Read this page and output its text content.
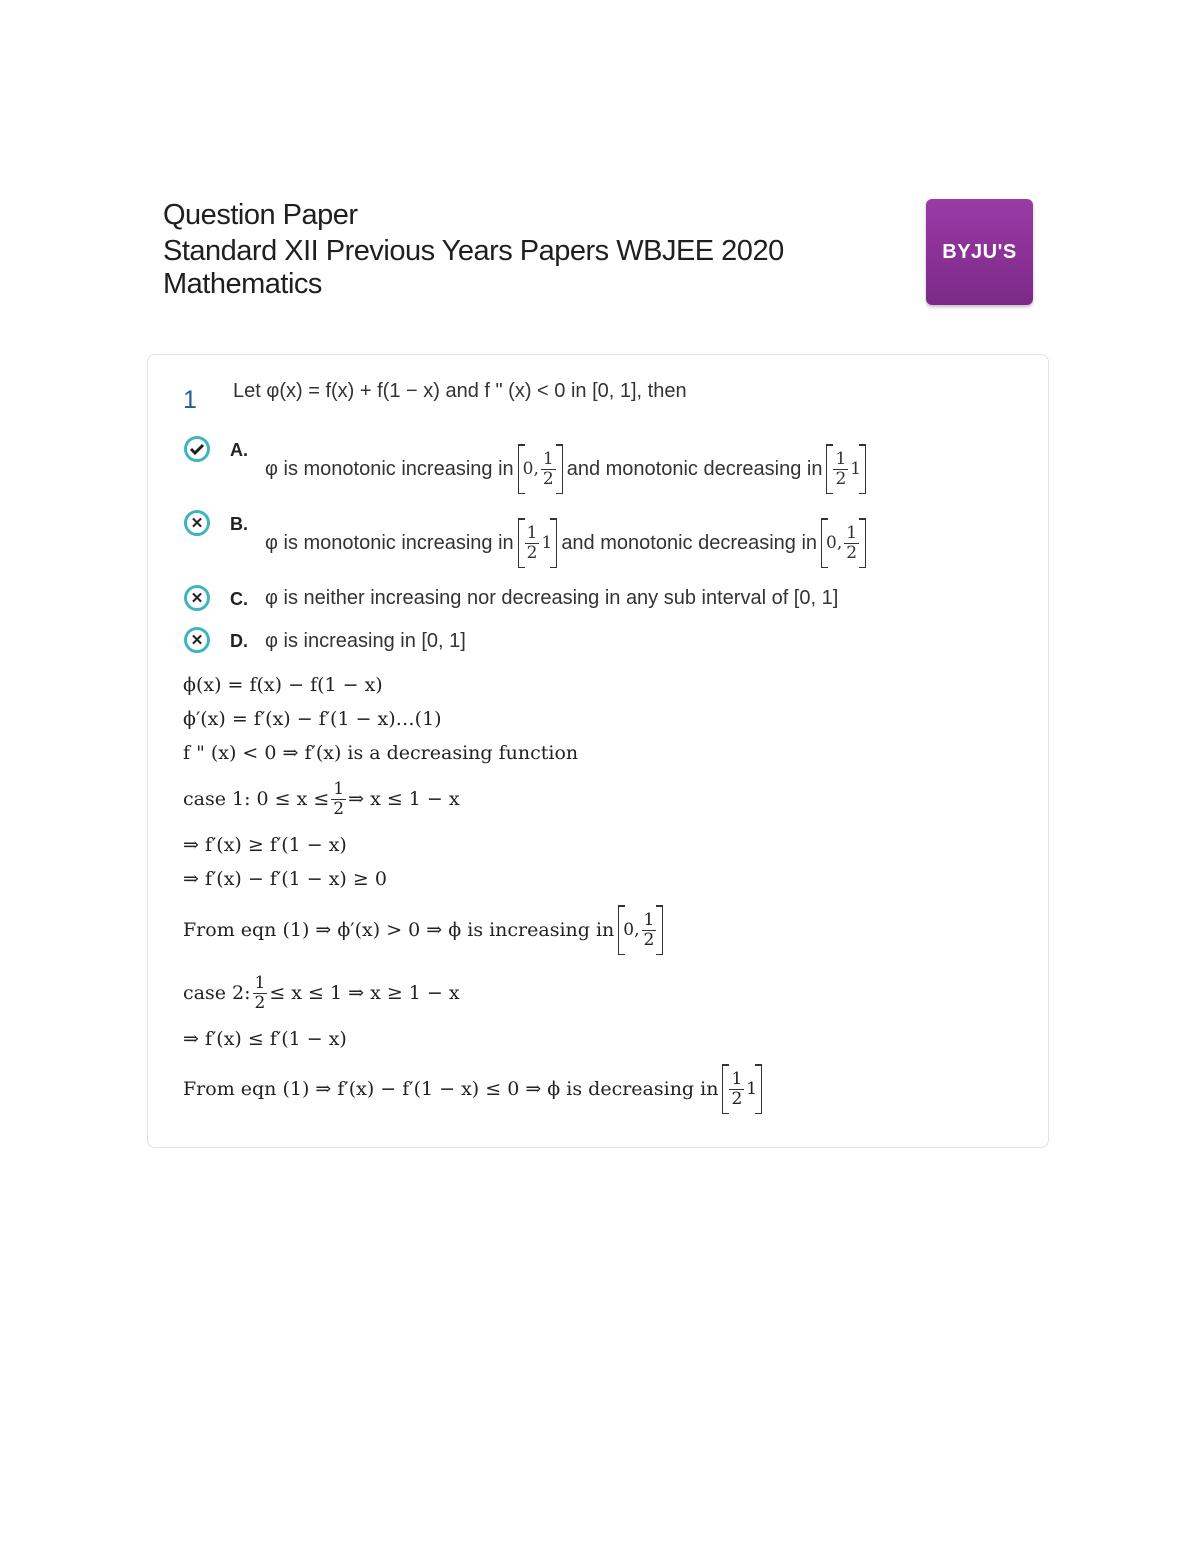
Question Paper
Standard XII Previous Years Papers WBJEE 2020
Mathematics
BYJU'S
1 Let φ(x) = f(x) + f(1 − x) and f " (x) < 0 in [0, 1], then
A.
φ is monotonic increasing in 0, $\frac{1}{2}$ and monotonic decreasing in $\frac{1}{2} 1$
✕	B.
φ is monotonic increasing in $\frac{1}{2} 1$ and monotonic decreasing in 0, $\frac{1}{2}$
✕	C. φ is neither increasing nor decreasing in any sub interval of [0, 1]
✕	D. φ is increasing in [0, 1]
ϕ(x) = f(x) − f(1 − x)
ϕ′(x) = f′(x) − f′(1 − x)…(1)
f " (x) < 0 ⇒ f′(x) is a decreasing function
case 1: $0 \le x \le \frac{1}{2}$ ⇒ x ≤ 1 − x
⇒ f′(x) ≥ f′(1 − x)
⇒ f′(x) − f′(1 − x) ≥ 0
From eqn (1) ⇒ ϕ′(x) > 0 ⇒ ϕ is increasing in 0, $\frac{1}{2}$
case 2: $\frac{1}{2} \le x \le 1$ ⇒ x ≥ 1 − x
⇒ f′(x) ≤ f′(1 − x)
From eqn (1) ⇒ f′(x) − f′(1 − x) ≤ 0 ⇒ ϕ is decreasing in $\frac{1}{2} 1$
